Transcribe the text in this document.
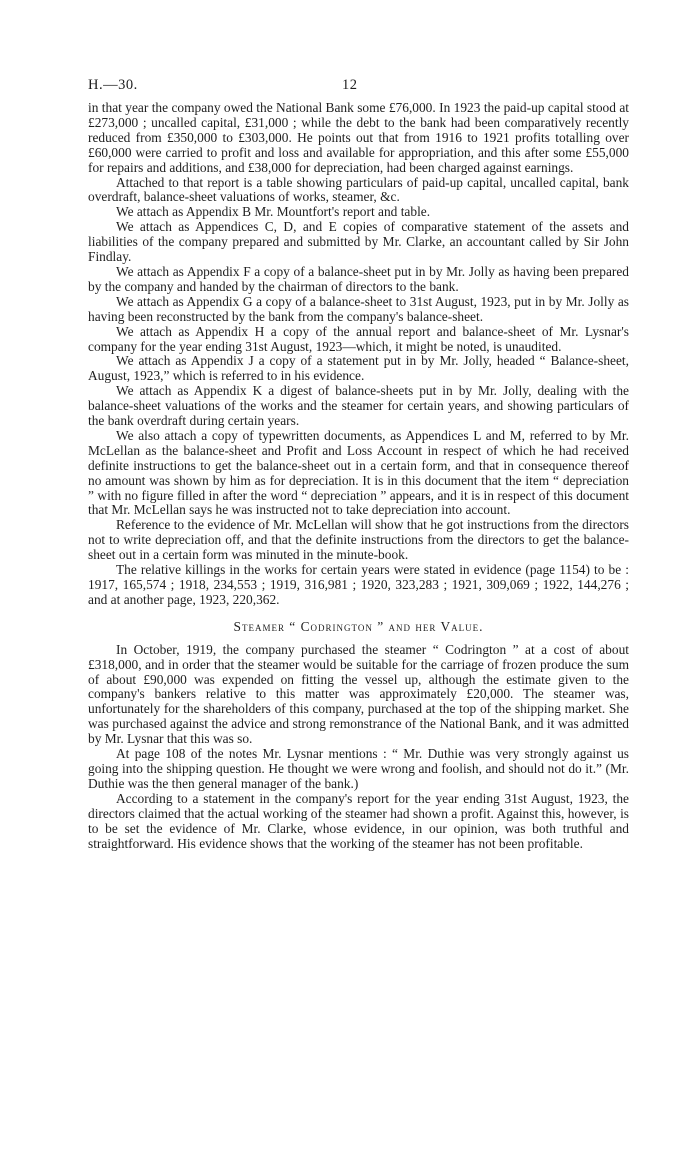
H.—30.	12

in that year the company owed the National Bank some £76,000. In 1923 the paid-up capital stood at £273,000 ; uncalled capital, £31,000 ; while the debt to the bank had been comparatively recently reduced from £350,000 to £303,000. He points out that from 1916 to 1921 profits totalling over £60,000 were carried to profit and loss and available for appropriation, and this after some £55,000 for repairs and additions, and £38,000 for depreciation, had been charged against earnings.

Attached to that report is a table showing particulars of paid-up capital, uncalled capital, bank overdraft, balance-sheet valuations of works, steamer, &c.

We attach as Appendix B Mr. Mountfort's report and table.

We attach as Appendices C, D, and E copies of comparative statement of the assets and liabilities of the company prepared and submitted by Mr. Clarke, an accountant called by Sir John Findlay.

We attach as Appendix F a copy of a balance-sheet put in by Mr. Jolly as having been prepared by the company and handed by the chairman of directors to the bank.

We attach as Appendix G a copy of a balance-sheet to 31st August, 1923, put in by Mr. Jolly as having been reconstructed by the bank from the company's balance-sheet.

We attach as Appendix H a copy of the annual report and balance-sheet of Mr. Lysnar's company for the year ending 31st August, 1923—which, it might be noted, is unaudited.

We attach as Appendix J a copy of a statement put in by Mr. Jolly, headed “ Balance-sheet, August, 1923,” which is referred to in his evidence.

We attach as Appendix K a digest of balance-sheets put in by Mr. Jolly, dealing with the balance-sheet valuations of the works and the steamer for certain years, and showing particulars of the bank overdraft during certain years.

We also attach a copy of typewritten documents, as Appendices L and M, referred to by Mr. McLellan as the balance-sheet and Profit and Loss Account in respect of which he had received definite instructions to get the balance-sheet out in a certain form, and that in consequence thereof no amount was shown by him as for depreciation. It is in this document that the item “ depreciation ” with no figure filled in after the word “ depreciation ” appears, and it is in respect of this document that Mr. McLellan says he was instructed not to take depreciation into account.

Reference to the evidence of Mr. McLellan will show that he got instructions from the directors not to write depreciation off, and that the definite instructions from the directors to get the balance-sheet out in a certain form was minuted in the minute-book.

The relative killings in the works for certain years were stated in evidence (page 1154) to be : 1917, 165,574 ; 1918, 234,553 ; 1919, 316,981 ; 1920, 323,283 ; 1921, 309,069 ; 1922, 144,276 ; and at another page, 1923, 220,362.

Steamer “ Codrington ” and her Value.

In October, 1919, the company purchased the steamer “ Codrington ” at a cost of about £318,000, and in order that the steamer would be suitable for the carriage of frozen produce the sum of about £90,000 was expended on fitting the vessel up, although the estimate given to the company's bankers relative to this matter was approximately £20,000. The steamer was, unfortunately for the shareholders of this company, purchased at the top of the shipping market. She was purchased against the advice and strong remonstrance of the National Bank, and it was admitted by Mr. Lysnar that this was so.

At page 108 of the notes Mr. Lysnar mentions : “ Mr. Duthie was very strongly against us going into the shipping question. He thought we were wrong and foolish, and should not do it.” (Mr. Duthie was the then general manager of the bank.)

According to a statement in the company's report for the year ending 31st August, 1923, the directors claimed that the actual working of the steamer had shown a profit. Against this, however, is to be set the evidence of Mr. Clarke, whose evidence, in our opinion, was both truthful and straightforward. His evidence shows that the working of the steamer has not been profitable.
